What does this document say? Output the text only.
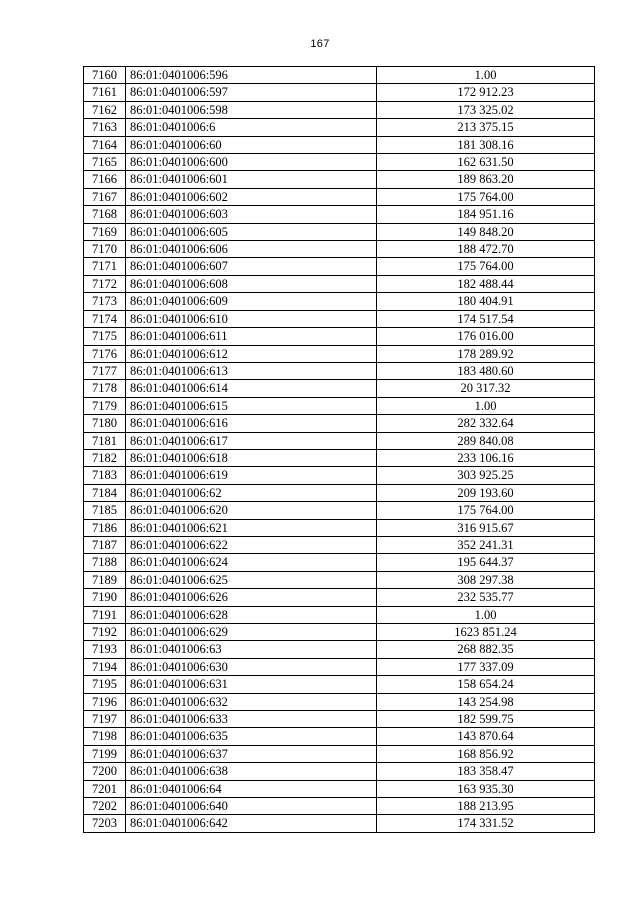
167
7160	86:01:0401006:596	1.00
7161	86:01:0401006:597	172 912.23
7162	86:01:0401006:598	173 325.02
7163	86:01:0401006:6	213 375.15
7164	86:01:0401006:60	181 308.16
7165	86:01:0401006:600	162 631.50
7166	86:01:0401006:601	189 863.20
7167	86:01:0401006:602	175 764.00
7168	86:01:0401006:603	184 951.16
7169	86:01:0401006:605	149 848.20
7170	86:01:0401006:606	188 472.70
7171	86:01:0401006:607	175 764.00
7172	86:01:0401006:608	182 488.44
7173	86:01:0401006:609	180 404.91
7174	86:01:0401006:610	174 517.54
7175	86:01:0401006:611	176 016.00
7176	86:01:0401006:612	178 289.92
7177	86:01:0401006:613	183 480.60
7178	86:01:0401006:614	20 317.32
7179	86:01:0401006:615	1.00
7180	86:01:0401006:616	282 332.64
7181	86:01:0401006:617	289 840.08
7182	86:01:0401006:618	233 106.16
7183	86:01:0401006:619	303 925.25
7184	86:01:0401006:62	209 193.60
7185	86:01:0401006:620	175 764.00
7186	86:01:0401006:621	316 915.67
7187	86:01:0401006:622	352 241.31
7188	86:01:0401006:624	195 644.37
7189	86:01:0401006:625	308 297.38
7190	86:01:0401006:626	232 535.77
7191	86:01:0401006:628	1.00
7192	86:01:0401006:629	1623 851.24
7193	86:01:0401006:63	268 882.35
7194	86:01:0401006:630	177 337.09
7195	86:01:0401006:631	158 654.24
7196	86:01:0401006:632	143 254.98
7197	86:01:0401006:633	182 599.75
7198	86:01:0401006:635	143 870.64
7199	86:01:0401006:637	168 856.92
7200	86:01:0401006:638	183 358.47
7201	86:01:0401006:64	163 935.30
7202	86:01:0401006:640	188 213.95
7203	86:01:0401006:642	174 331.52
